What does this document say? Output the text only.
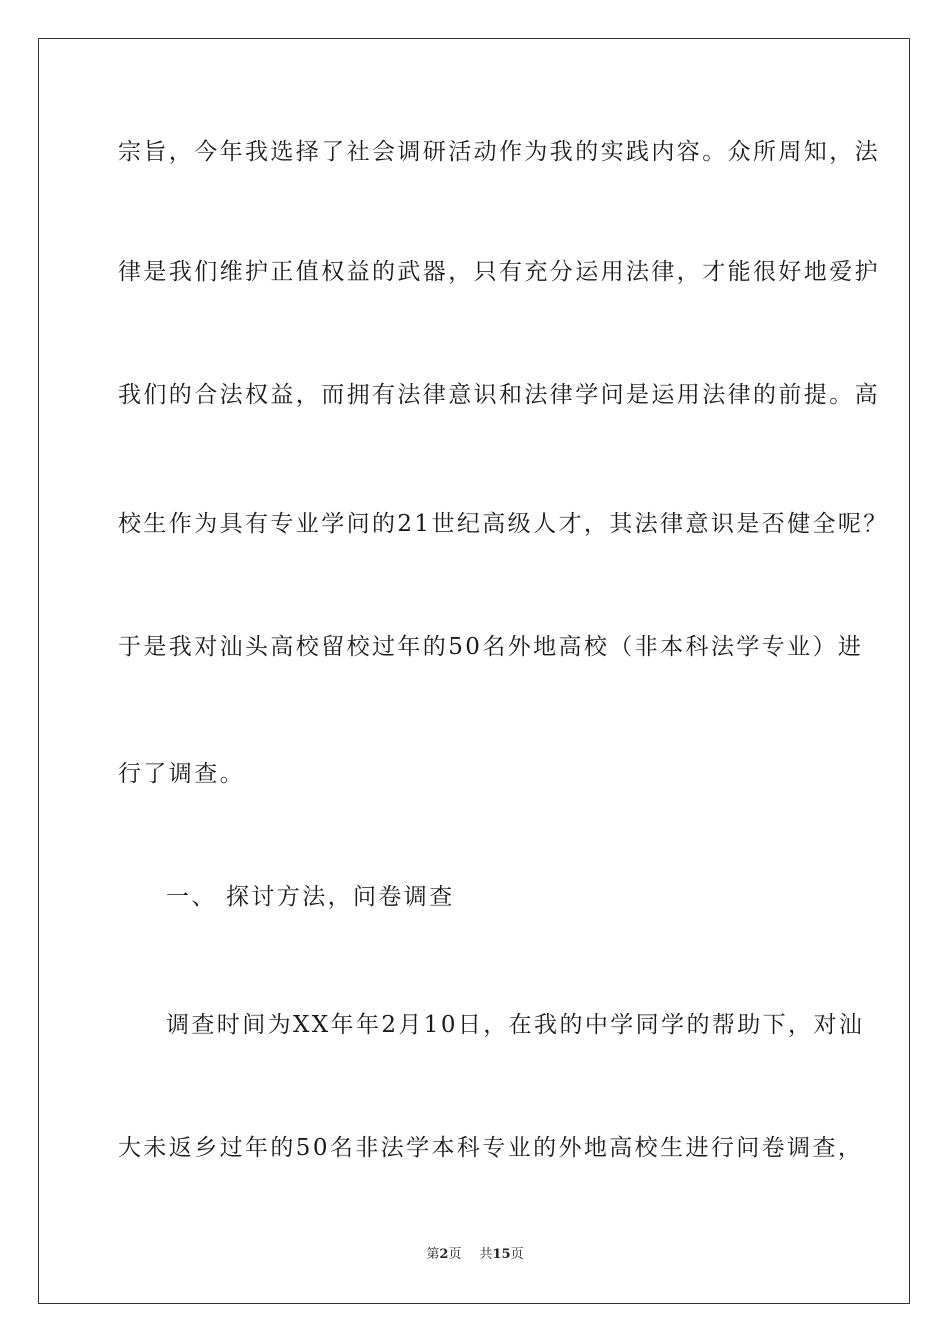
宗旨，今年我选择了社会调研活动作为我的实践内容。众所周知，法
律是我们维护正值权益的武器，只有充分运用法律，才能很好地爱护
我们的合法权益，而拥有法律意识和法律学问是运用法律的前提。高
校生作为具有专业学问的21世纪高级人才，其法律意识是否健全呢？
于是我对汕头高校留校过年的50名外地高校（非本科法学专业）进
行了调查。
一、 探讨方法，问卷调查
调查时间为XX年年2月10日，在我的中学同学的帮助下，对汕
大未返乡过年的50名非法学本科专业的外地高校生进行问卷调查，
第2页 共15页
